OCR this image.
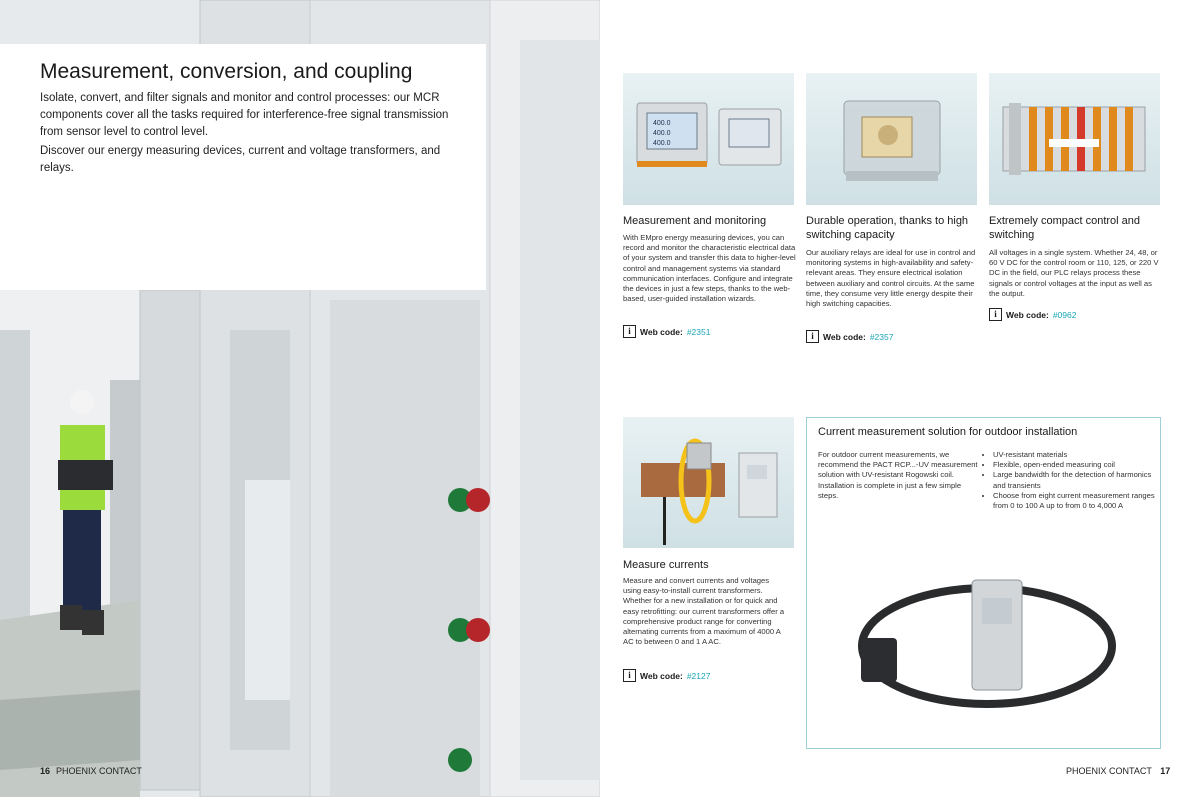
Measurement, conversion, and coupling

Isolate, convert, and filter signals and monitor and control processes: our MCR components cover all the tasks required for interference-free signal transmission from sensor level to control level.

Discover our energy measuring devices, current and voltage transformers, and relays.

16 PHOENIX CONTACT
400.0
400.0
400.0
Measurement and monitoring

With EMpro energy measuring devices, you can record and monitor the characteristic electrical data of your system and transfer this data to higher-level control and management systems via standard communication interfaces. Configure and integrate the devices in just a few steps, thanks to the web-based, user-guided installation wizards.

i	Web code: #2351
Durable operation, thanks to high switching capacity

Our auxiliary relays are ideal for use in control and monitoring systems in high-availability and safety-relevant areas. They ensure electrical isolation between auxiliary and control circuits. At the same time, they consume very little energy despite their high switching capacities.

i	Web code: #2357
Extremely compact control and switching

All voltages in a single system. Whether 24, 48, or 60 V DC for the control room or 110, 125, or 220 V DC in the field, our PLC relays process these signals or control voltages at the input as well as the output.

i	Web code: #0962
Measure currents

Measure and convert currents and voltages using easy-to-install current transformers. Whether for a new installation or for quick and easy retrofitting: our current transformers offer a comprehensive product range for converting alternating currents from a maximum of 4000 A AC to between 0 and 1 A AC.

i	Web code: #2127
Current measurement solution for outdoor installation

For outdoor current measurements, we recommend the PACT RCP...-UV measurement solution with UV-resistant Rogowski coil. Installation is complete in just a few simple steps.

• UV-resistant materials
• Flexible, open-ended measuring coil
• Large bandwidth for the detection of harmonics and transients
• Choose from eight current measurement ranges from 0 to 100 A up to from 0 to 4,000 A
PHOENIX CONTACT 17
